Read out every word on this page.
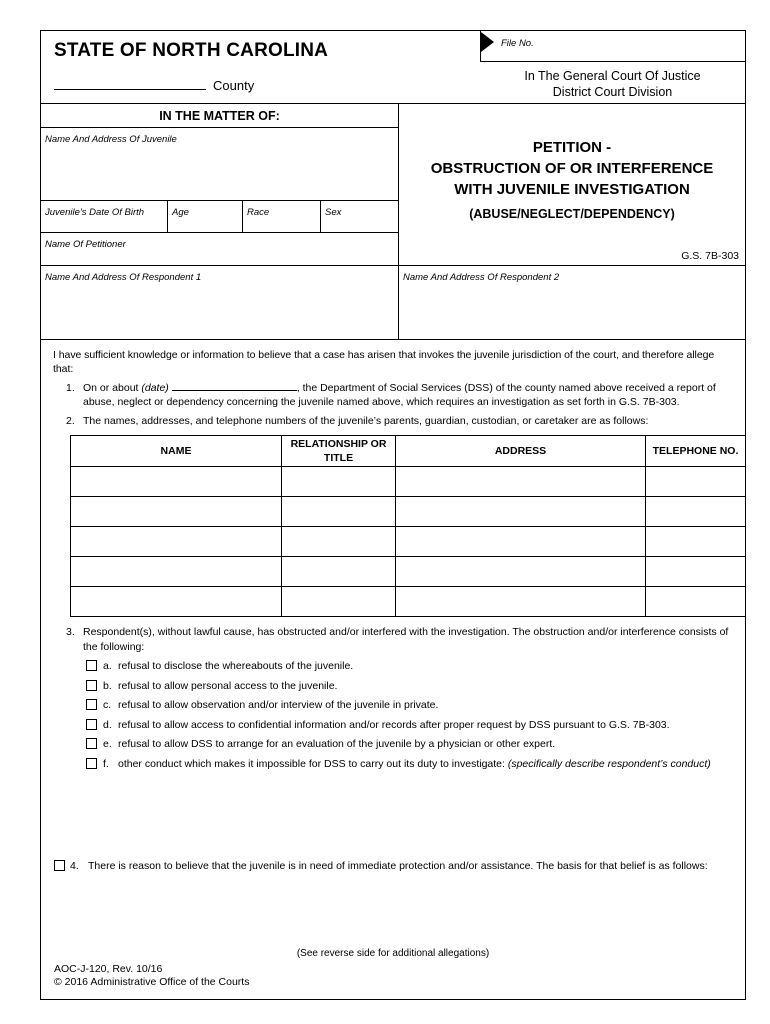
STATE OF NORTH CAROLINA
County
File No.
In The General Court Of Justice
District Court Division
IN THE MATTER OF:
Name And Address Of Juvenile
Juvenile’s Date Of Birth	Age	Race	Sex
Name Of Petitioner
PETITION -
OBSTRUCTION OF OR INTERFERENCE
WITH JUVENILE INVESTIGATION
(ABUSE/NEGLECT/DEPENDENCY)
G.S. 7B-303
Name And Address Of Respondent 1	Name And Address Of Respondent 2
I have sufficient knowledge or information to believe that a case has arisen that invokes the juvenile jurisdiction of the court, and therefore allege that:
1. On or about (date)	, the Department of Social Services (DSS) of the county named above received a report of abuse, neglect or dependency concerning the juvenile named above, which requires an investigation as set forth in G.S. 7B-303.
2. The names, addresses, and telephone numbers of the juvenile’s parents, guardian, custodian, or caretaker are as follows:
NAME	RELATIONSHIP OR TITLE	ADDRESS	TELEPHONE NO.

3. Respondent(s), without lawful cause, has obstructed and/or interfered with the investigation. The obstruction and/or interference consists of the following:
a. refusal to disclose the whereabouts of the juvenile.
b. refusal to allow personal access to the juvenile.
c. refusal to allow observation and/or interview of the juvenile in private.
d. refusal to allow access to confidential information and/or records after proper request by DSS pursuant to G.S. 7B-303.
e. refusal to allow DSS to arrange for an evaluation of the juvenile by a physician or other expert.
f. other conduct which makes it impossible for DSS to carry out its duty to investigate: (specifically describe respondent’s conduct)
4. There is reason to believe that the juvenile is in need of immediate protection and/or assistance. The basis for that belief is as follows:
(See reverse side for additional allegations)
AOC-J-120, Rev. 10/16
© 2016 Administrative Office of the Courts
